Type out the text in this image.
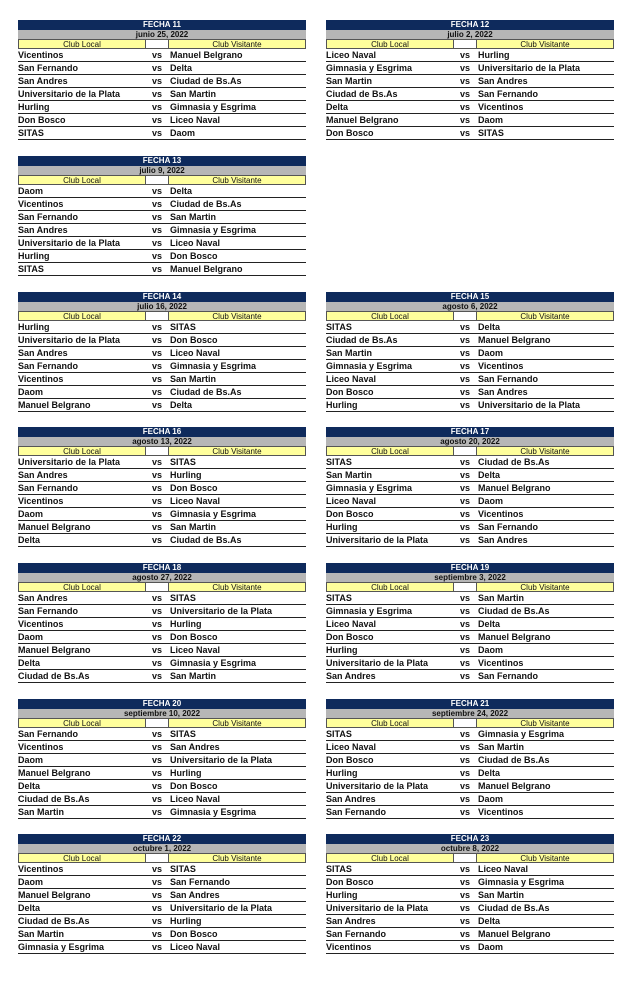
FECHA 11
junio 25, 2022
Club Local	Club Visitante
Vicentinos	vs Manuel Belgrano
San Fernando	vs Delta
San Andres	vs Ciudad de Bs.As
Universitario de la Plata	vs San Martin
Hurling	vs Gimnasia y Esgrima
Don Bosco	vs Liceo Naval
SITAS	vs Daom
FECHA 12
julio 2, 2022
Club Local	Club Visitante
Liceo Naval	vs Hurling
Gimnasia y Esgrima	vs Universitario de la Plata
San Martin	vs San Andres
Ciudad de Bs.As	vs San Fernando
Delta	vs Vicentinos
Manuel Belgrano	vs Daom
Don Bosco	vs SITAS
FECHA 13
julio 9, 2022
Club Local	Club Visitante
Daom	vs Delta
Vicentinos	vs Ciudad de Bs.As
San Fernando	vs San Martin
San Andres	vs Gimnasia y Esgrima
Universitario de la Plata	vs Liceo Naval
Hurling	vs Don Bosco
SITAS	vs Manuel Belgrano
FECHA 14
julio 16, 2022
Club Local	Club Visitante
Hurling	vs SITAS
Universitario de la Plata	vs Don Bosco
San Andres	vs Liceo Naval
San Fernando	vs Gimnasia y Esgrima
Vicentinos	vs San Martin
Daom	vs Ciudad de Bs.As
Manuel Belgrano	vs Delta
FECHA 15
agosto 6, 2022
Club Local	Club Visitante
SITAS	vs Delta
Ciudad de Bs.As	vs Manuel Belgrano
San Martin	vs Daom
Gimnasia y Esgrima	vs Vicentinos
Liceo Naval	vs San Fernando
Don Bosco	vs San Andres
Hurling	vs Universitario de la Plata
FECHA 16
agosto 13, 2022
Club Local	Club Visitante
Universitario de la Plata	vs SITAS
San Andres	vs Hurling
San Fernando	vs Don Bosco
Vicentinos	vs Liceo Naval
Daom	vs Gimnasia y Esgrima
Manuel Belgrano	vs San Martin
Delta	vs Ciudad de Bs.As
FECHA 17
agosto 20, 2022
Club Local	Club Visitante
SITAS	vs Ciudad de Bs.As
San Martin	vs Delta
Gimnasia y Esgrima	vs Manuel Belgrano
Liceo Naval	vs Daom
Don Bosco	vs Vicentinos
Hurling	vs San Fernando
Universitario de la Plata	vs San Andres
FECHA 18
agosto 27, 2022
Club Local	Club Visitante
San Andres	vs SITAS
San Fernando	vs Universitario de la Plata
Vicentinos	vs Hurling
Daom	vs Don Bosco
Manuel Belgrano	vs Liceo Naval
Delta	vs Gimnasia y Esgrima
Ciudad de Bs.As	vs San Martin
FECHA 19
septiembre 3, 2022
Club Local	Club Visitante
SITAS	vs San Martin
Gimnasia y Esgrima	vs Ciudad de Bs.As
Liceo Naval	vs Delta
Don Bosco	vs Manuel Belgrano
Hurling	vs Daom
Universitario de la Plata	vs Vicentinos
San Andres	vs San Fernando
FECHA 20
septiembre 10, 2022
Club Local	Club Visitante
San Fernando	vs SITAS
Vicentinos	vs San Andres
Daom	vs Universitario de la Plata
Manuel Belgrano	vs Hurling
Delta	vs Don Bosco
Ciudad de Bs.As	vs Liceo Naval
San Martin	vs Gimnasia y Esgrima
FECHA 21
septiembre 24, 2022
Club Local	Club Visitante
SITAS	vs Gimnasia y Esgrima
Liceo Naval	vs San Martin
Don Bosco	vs Ciudad de Bs.As
Hurling	vs Delta
Universitario de la Plata	vs Manuel Belgrano
San Andres	vs Daom
San Fernando	vs Vicentinos
FECHA 22
octubre 1, 2022
Club Local	Club Visitante
Vicentinos	vs SITAS
Daom	vs San Fernando
Manuel Belgrano	vs San Andres
Delta	vs Universitario de la Plata
Ciudad de Bs.As	vs Hurling
San Martin	vs Don Bosco
Gimnasia y Esgrima	vs Liceo Naval
FECHA 23
octubre 8, 2022
Club Local	Club Visitante
SITAS	vs Liceo Naval
Don Bosco	vs Gimnasia y Esgrima
Hurling	vs San Martin
Universitario de la Plata	vs Ciudad de Bs.As
San Andres	vs Delta
San Fernando	vs Manuel Belgrano
Vicentinos	vs Daom
